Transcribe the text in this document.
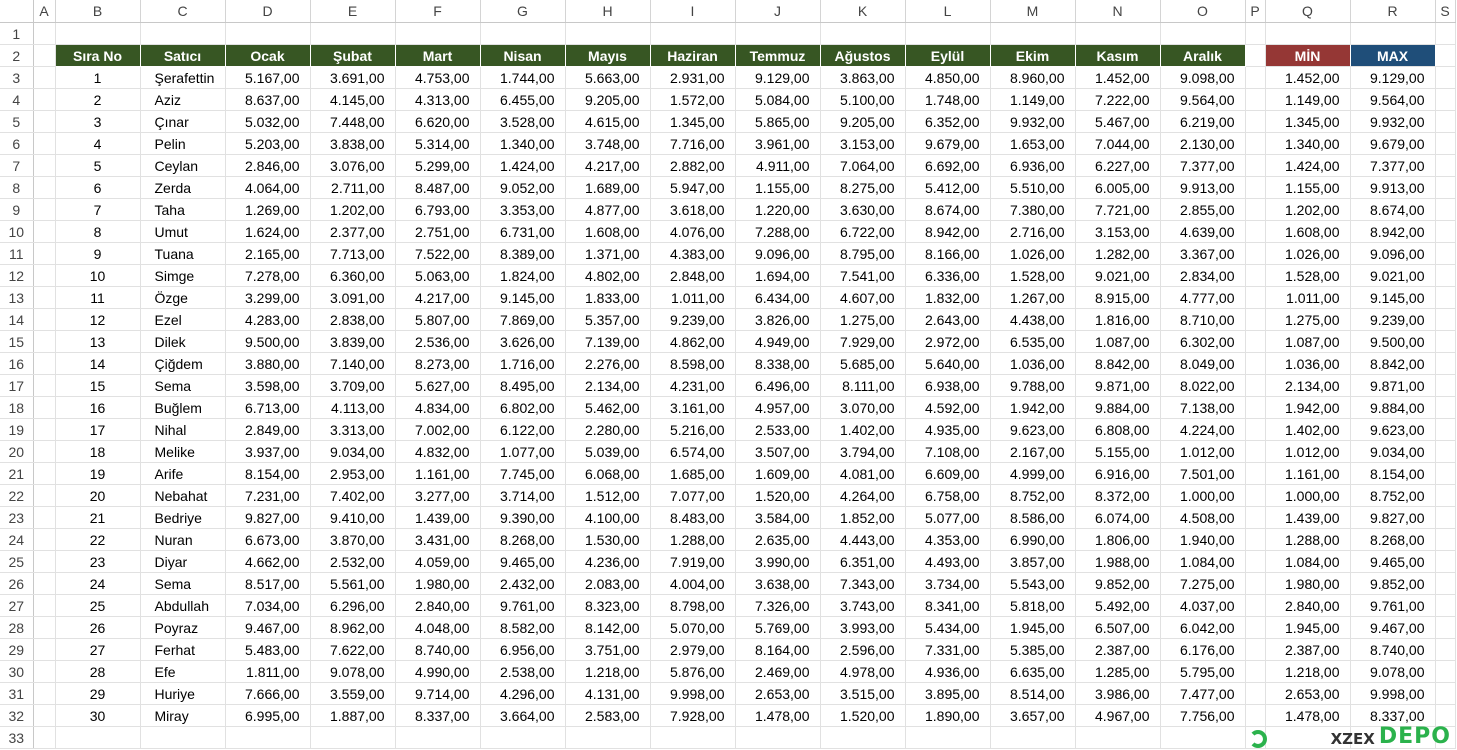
	A	B	C	D	E	F	G	H	I	J	K	L	M	N	O	P	Q	R	S
1																			
2		Sıra No	Satıcı	Ocak	Şubat	Mart	Nisan	Mayıs	Haziran	Temmuz	Ağustos	Eylül	Ekim	Kasım	Aralık		MİN	MAX	
3		1	Şerafettin	5.167,00	3.691,00	4.753,00	1.744,00	5.663,00	2.931,00	9.129,00	3.863,00	4.850,00	8.960,00	1.452,00	9.098,00		1.452,00	9.129,00	
4		2	Aziz	8.637,00	4.145,00	4.313,00	6.455,00	9.205,00	1.572,00	5.084,00	5.100,00	1.748,00	1.149,00	7.222,00	9.564,00		1.149,00	9.564,00	
5		3	Çınar	5.032,00	7.448,00	6.620,00	3.528,00	4.615,00	1.345,00	5.865,00	9.205,00	6.352,00	9.932,00	5.467,00	6.219,00		1.345,00	9.932,00	
6		4	Pelin	5.203,00	3.838,00	5.314,00	1.340,00	3.748,00	7.716,00	3.961,00	3.153,00	9.679,00	1.653,00	7.044,00	2.130,00		1.340,00	9.679,00	
7		5	Ceylan	2.846,00	3.076,00	5.299,00	1.424,00	4.217,00	2.882,00	4.911,00	7.064,00	6.692,00	6.936,00	6.227,00	7.377,00		1.424,00	7.377,00	
8		6	Zerda	4.064,00	2.711,00	8.487,00	9.052,00	1.689,00	5.947,00	1.155,00	8.275,00	5.412,00	5.510,00	6.005,00	9.913,00		1.155,00	9.913,00	
9		7	Taha	1.269,00	1.202,00	6.793,00	3.353,00	4.877,00	3.618,00	1.220,00	3.630,00	8.674,00	7.380,00	7.721,00	2.855,00		1.202,00	8.674,00	
10		8	Umut	1.624,00	2.377,00	2.751,00	6.731,00	1.608,00	4.076,00	7.288,00	6.722,00	8.942,00	2.716,00	3.153,00	4.639,00		1.608,00	8.942,00	
11		9	Tuana	2.165,00	7.713,00	7.522,00	8.389,00	1.371,00	4.383,00	9.096,00	8.795,00	8.166,00	1.026,00	1.282,00	3.367,00		1.026,00	9.096,00	
12		10	Simge	7.278,00	6.360,00	5.063,00	1.824,00	4.802,00	2.848,00	1.694,00	7.541,00	6.336,00	1.528,00	9.021,00	2.834,00		1.528,00	9.021,00	
13		11	Özge	3.299,00	3.091,00	4.217,00	9.145,00	1.833,00	1.011,00	6.434,00	4.607,00	1.832,00	1.267,00	8.915,00	4.777,00		1.011,00	9.145,00	
14		12	Ezel	4.283,00	2.838,00	5.807,00	7.869,00	5.357,00	9.239,00	3.826,00	1.275,00	2.643,00	4.438,00	1.816,00	8.710,00		1.275,00	9.239,00	
15		13	Dilek	9.500,00	3.839,00	2.536,00	3.626,00	7.139,00	4.862,00	4.949,00	7.929,00	2.972,00	6.535,00	1.087,00	6.302,00		1.087,00	9.500,00	
16		14	Çiğdem	3.880,00	7.140,00	8.273,00	1.716,00	2.276,00	8.598,00	8.338,00	5.685,00	5.640,00	1.036,00	8.842,00	8.049,00		1.036,00	8.842,00	
17		15	Sema	3.598,00	3.709,00	5.627,00	8.495,00	2.134,00	4.231,00	6.496,00	8.111,00	6.938,00	9.788,00	9.871,00	8.022,00		2.134,00	9.871,00	
18		16	Buğlem	6.713,00	4.113,00	4.834,00	6.802,00	5.462,00	3.161,00	4.957,00	3.070,00	4.592,00	1.942,00	9.884,00	7.138,00		1.942,00	9.884,00	
19		17	Nihal	2.849,00	3.313,00	7.002,00	6.122,00	2.280,00	5.216,00	2.533,00	1.402,00	4.935,00	9.623,00	6.808,00	4.224,00		1.402,00	9.623,00	
20		18	Melike	3.937,00	9.034,00	4.832,00	1.077,00	5.039,00	6.574,00	3.507,00	3.794,00	7.108,00	2.167,00	5.155,00	1.012,00		1.012,00	9.034,00	
21		19	Arife	8.154,00	2.953,00	1.161,00	7.745,00	6.068,00	1.685,00	1.609,00	4.081,00	6.609,00	4.999,00	6.916,00	7.501,00		1.161,00	8.154,00	
22		20	Nebahat	7.231,00	7.402,00	3.277,00	3.714,00	1.512,00	7.077,00	1.520,00	4.264,00	6.758,00	8.752,00	8.372,00	1.000,00		1.000,00	8.752,00	
23		21	Bedriye	9.827,00	9.410,00	1.439,00	9.390,00	4.100,00	8.483,00	3.584,00	1.852,00	5.077,00	8.586,00	6.074,00	4.508,00		1.439,00	9.827,00	
24		22	Nuran	6.673,00	3.870,00	3.431,00	8.268,00	1.530,00	1.288,00	2.635,00	4.443,00	4.353,00	6.990,00	1.806,00	1.940,00		1.288,00	8.268,00	
25		23	Diyar	4.662,00	2.532,00	4.059,00	9.465,00	4.236,00	7.919,00	3.990,00	6.351,00	4.493,00	3.857,00	1.988,00	1.084,00		1.084,00	9.465,00	
26		24	Sema	8.517,00	5.561,00	1.980,00	2.432,00	2.083,00	4.004,00	3.638,00	7.343,00	3.734,00	5.543,00	9.852,00	7.275,00		1.980,00	9.852,00	
27		25	Abdullah	7.034,00	6.296,00	2.840,00	9.761,00	8.323,00	8.798,00	7.326,00	3.743,00	8.341,00	5.818,00	5.492,00	4.037,00		2.840,00	9.761,00	
28		26	Poyraz	9.467,00	8.962,00	4.048,00	8.582,00	8.142,00	5.070,00	5.769,00	3.993,00	5.434,00	1.945,00	6.507,00	6.042,00		1.945,00	9.467,00	
29		27	Ferhat	5.483,00	7.622,00	8.740,00	6.956,00	3.751,00	2.979,00	8.164,00	2.596,00	7.331,00	5.385,00	2.387,00	6.176,00		2.387,00	8.740,00	
30		28	Efe	1.811,00	9.078,00	4.990,00	2.538,00	1.218,00	5.876,00	2.469,00	4.978,00	4.936,00	6.635,00	1.285,00	5.795,00		1.218,00	9.078,00	
31		29	Huriye	7.666,00	3.559,00	9.714,00	4.296,00	4.131,00	9.998,00	2.653,00	3.515,00	3.895,00	8.514,00	3.986,00	7.477,00		2.653,00	9.998,00	
32		30	Miray	6.995,00	1.887,00	8.337,00	3.664,00	2.583,00	7.928,00	1.478,00	1.520,00	1.890,00	3.657,00	4.967,00	7.756,00		1.478,00	8.337,00	
33																				XZEX DEPO
